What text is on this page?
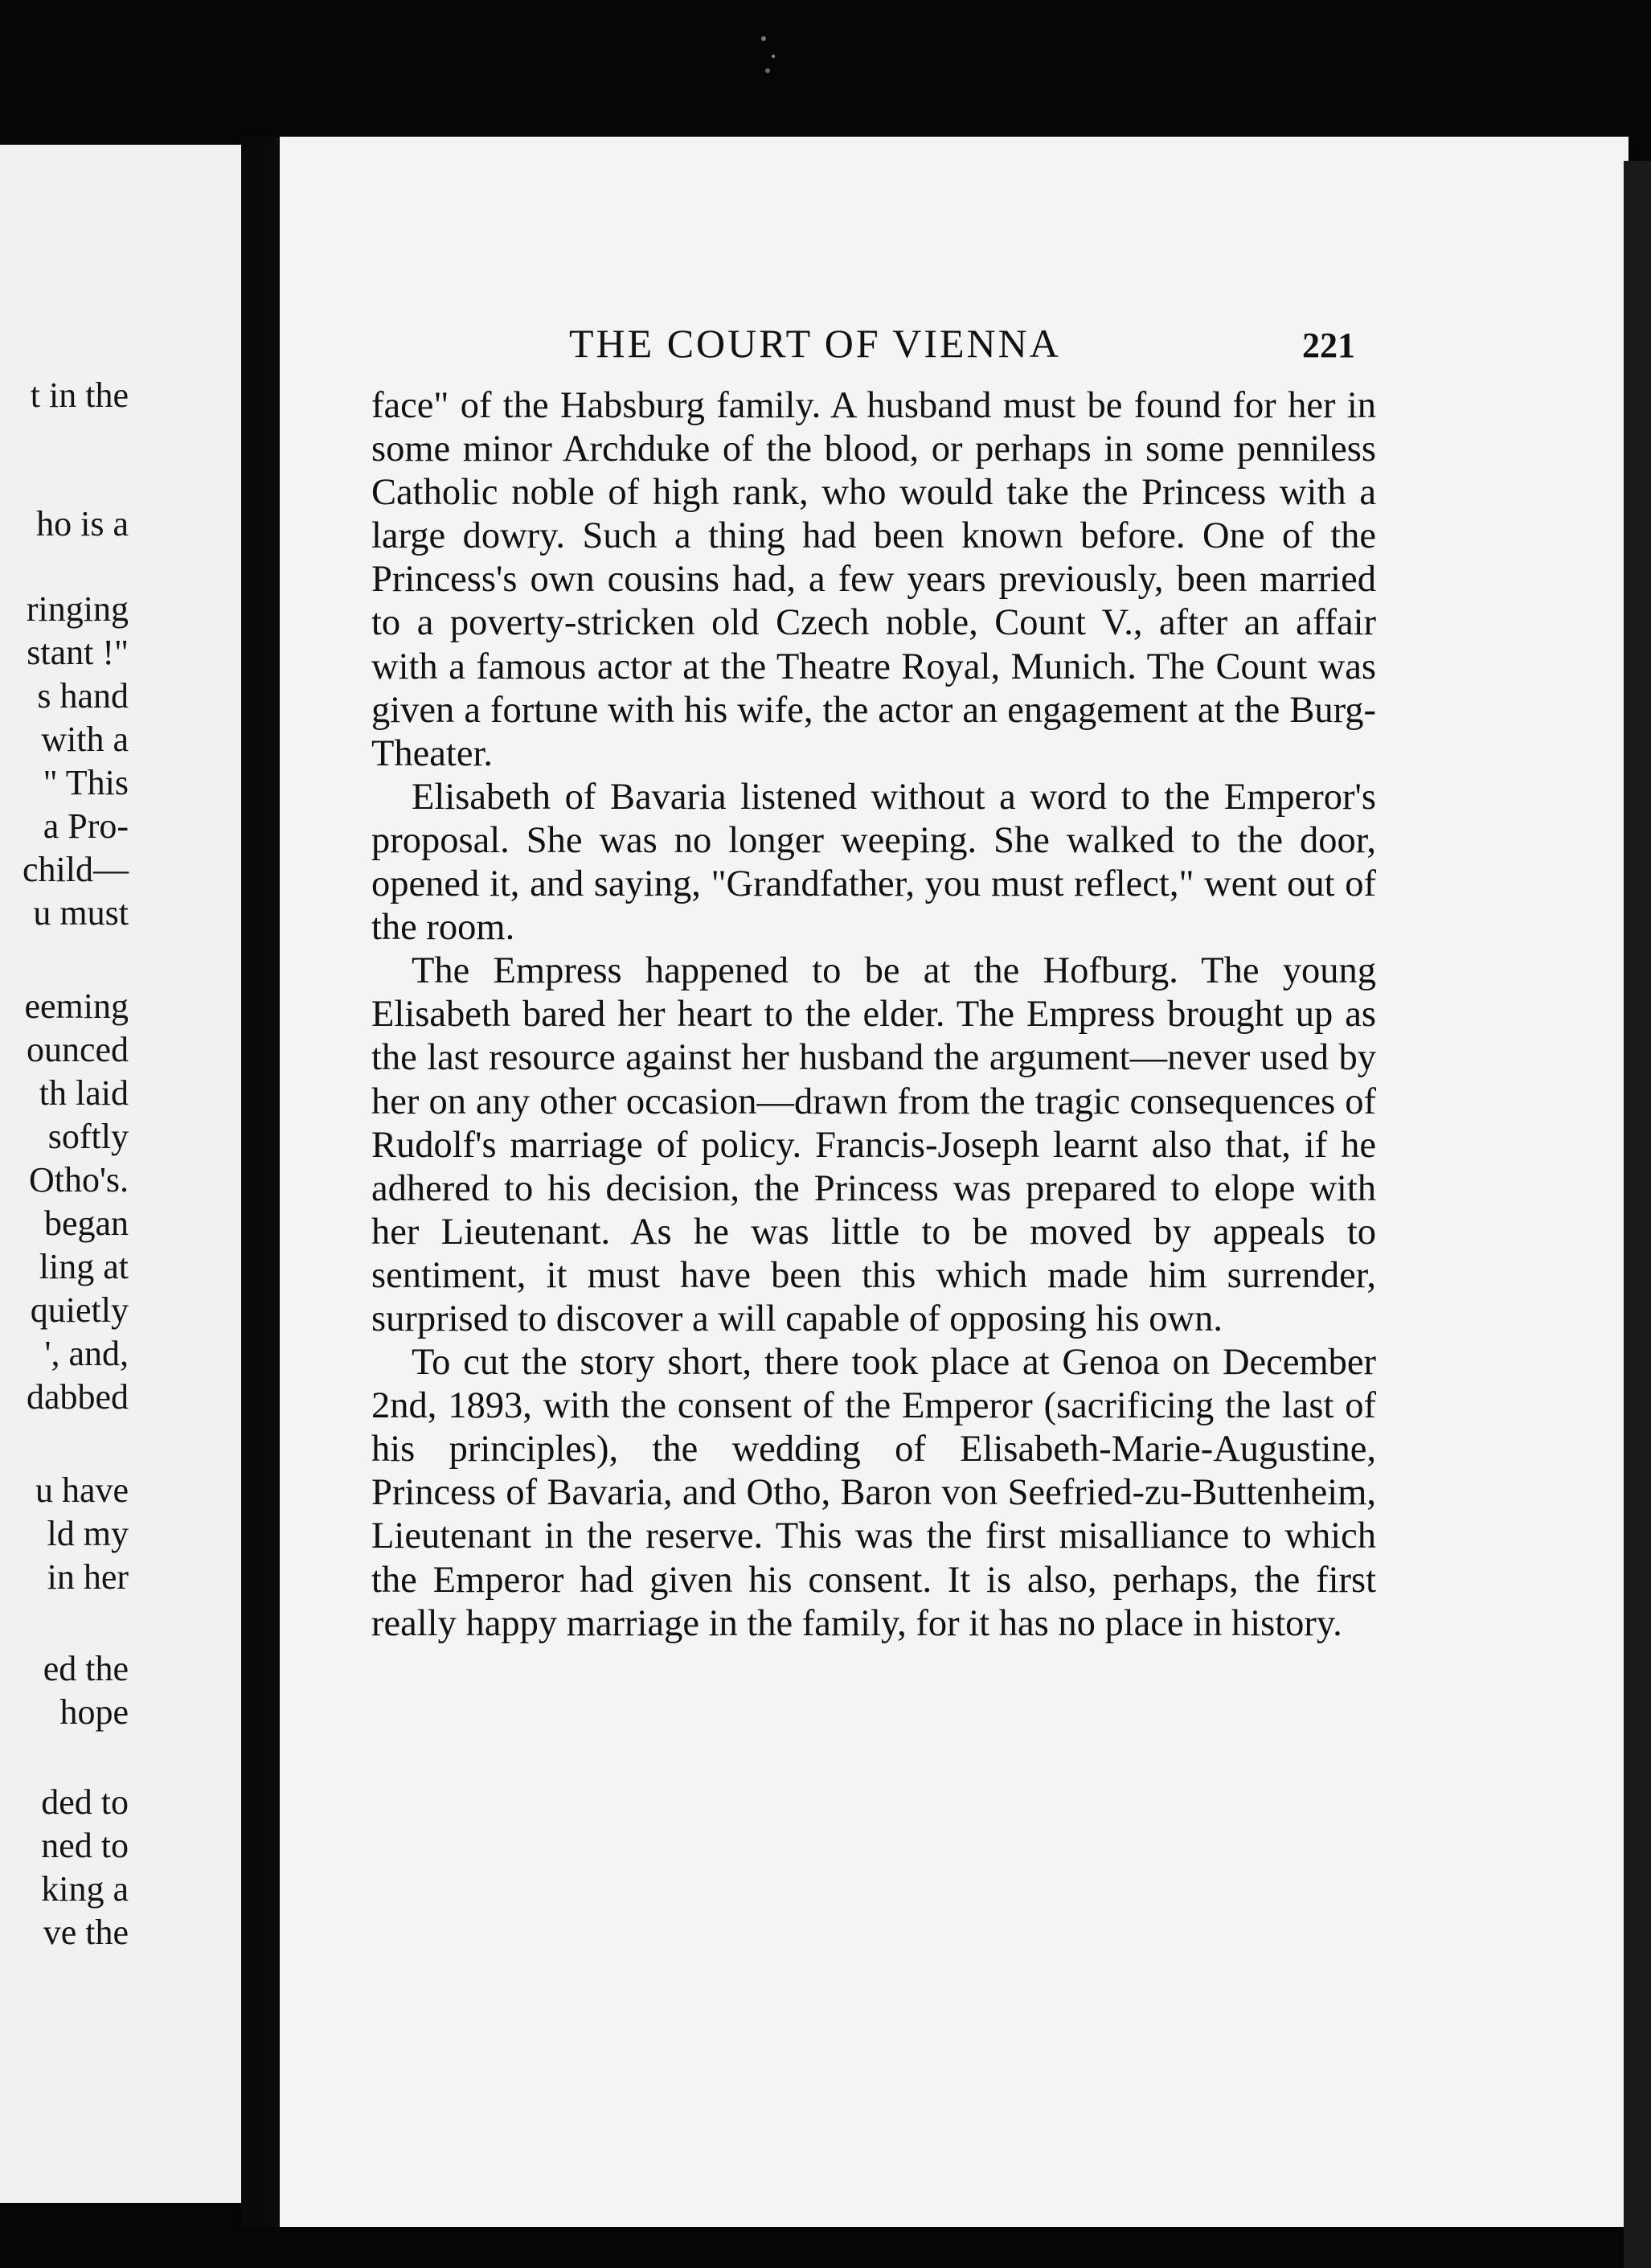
t in the
ho is a
ringing
stant !"
s hand
with a
" This
a Pro-
child—
u must
eeming
ounced
th laid
softly
Otho's.
began
ling at
quietly
', and,
dabbed
u have
ld my
in her
ed the
hope
ded to
ned to
king a
ve the
THE COURT OF VIENNA	221

face" of the Habsburg family. A husband must be found for her in some minor Archduke of the blood, or perhaps in some penniless Catholic noble of high rank, who would take the Princess with a large dowry. Such a thing had been known before. One of the Princess's own cousins had, a few years previously, been married to a poverty-stricken old Czech noble, Count V., after an affair with a famous actor at the Theatre Royal, Munich. The Count was given a fortune with his wife, the actor an engagement at the Burg-Theater.

Elisabeth of Bavaria listened without a word to the Emperor's proposal. She was no longer weeping. She walked to the door, opened it, and saying, "Grandfather, you must reflect," went out of the room.

The Empress happened to be at the Hofburg. The young Elisabeth bared her heart to the elder. The Empress brought up as the last resource against her husband the argument—never used by her on any other occasion—drawn from the tragic consequences of Rudolf's marriage of policy. Francis-Joseph learnt also that, if he adhered to his decision, the Princess was prepared to elope with her Lieutenant. As he was little to be moved by appeals to sentiment, it must have been this which made him surrender, surprised to discover a will capable of opposing his own.

To cut the story short, there took place at Genoa on December 2nd, 1893, with the consent of the Emperor (sacrificing the last of his principles), the wedding of Elisabeth-Marie-Augustine, Princess of Bavaria, and Otho, Baron von Seefried-zu-Buttenheim, Lieutenant in the reserve. This was the first misalliance to which the Emperor had given his consent. It is also, perhaps, the first really happy marriage in the family, for it has no place in history.
